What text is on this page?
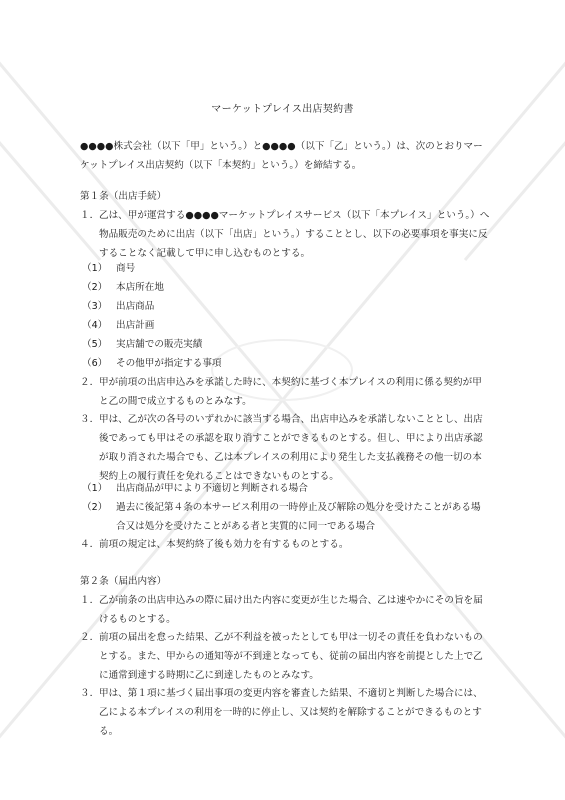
マーケットプレイス出店契約書
●●●●株式会社（以下「甲」という。）と●●●●（以下「乙」という。）は、次のとおりマーケットプレイス出店契約（以下「本契約」という。）を締結する。
第１条（出店手続）
１． 乙は、甲が運営する●●●●マーケットプレイスサービス（以下「本プレイス」という。）へ物品販売のために出店（以下「出店」という。）することとし、以下の必要事項を事実に反することなく記載して甲に申し込むものとする。
（1） 商号
（2） 本店所在地
（3） 出店商品
（4） 出店計画
（5） 実店舗での販売実績
（6） その他甲が指定する事項
２． 甲が前項の出店申込みを承諾した時に、本契約に基づく本プレイスの利用に係る契約が甲と乙の間で成立するものとみなす。
３． 甲は、乙が次の各号のいずれかに該当する場合、出店申込みを承諾しないこととし、出店後であっても甲はその承認を取り消すことができるものとする。但し、甲により出店承認が取り消された場合でも、乙は本プレイスの利用により発生した支払義務その他一切の本契約上の履行責任を免れることはできないものとする。
（1） 出店商品が甲により不適切と判断される場合
（2） 過去に後記第４条の本サービス利用の一時停止及び解除の処分を受けたことがある場合又は処分を受けたことがある者と実質的に同一である場合
４． 前項の規定は、本契約終了後も効力を有するものとする。
第２条（届出内容）
１． 乙が前条の出店申込みの際に届け出た内容に変更が生じた場合、乙は速やかにその旨を届けるものとする。
２． 前項の届出を怠った結果、乙が不利益を被ったとしても甲は一切その責任を負わないものとする。また、甲からの通知等が不到達となっても、従前の届出内容を前提とした上で乙に通常到達する時期に乙に到達したものとみなす。
３． 甲は、第１項に基づく届出事項の変更内容を審査した結果、不適切と判断した場合には、乙による本プレイスの利用を一時的に停止し、又は契約を解除することができるものとする。
